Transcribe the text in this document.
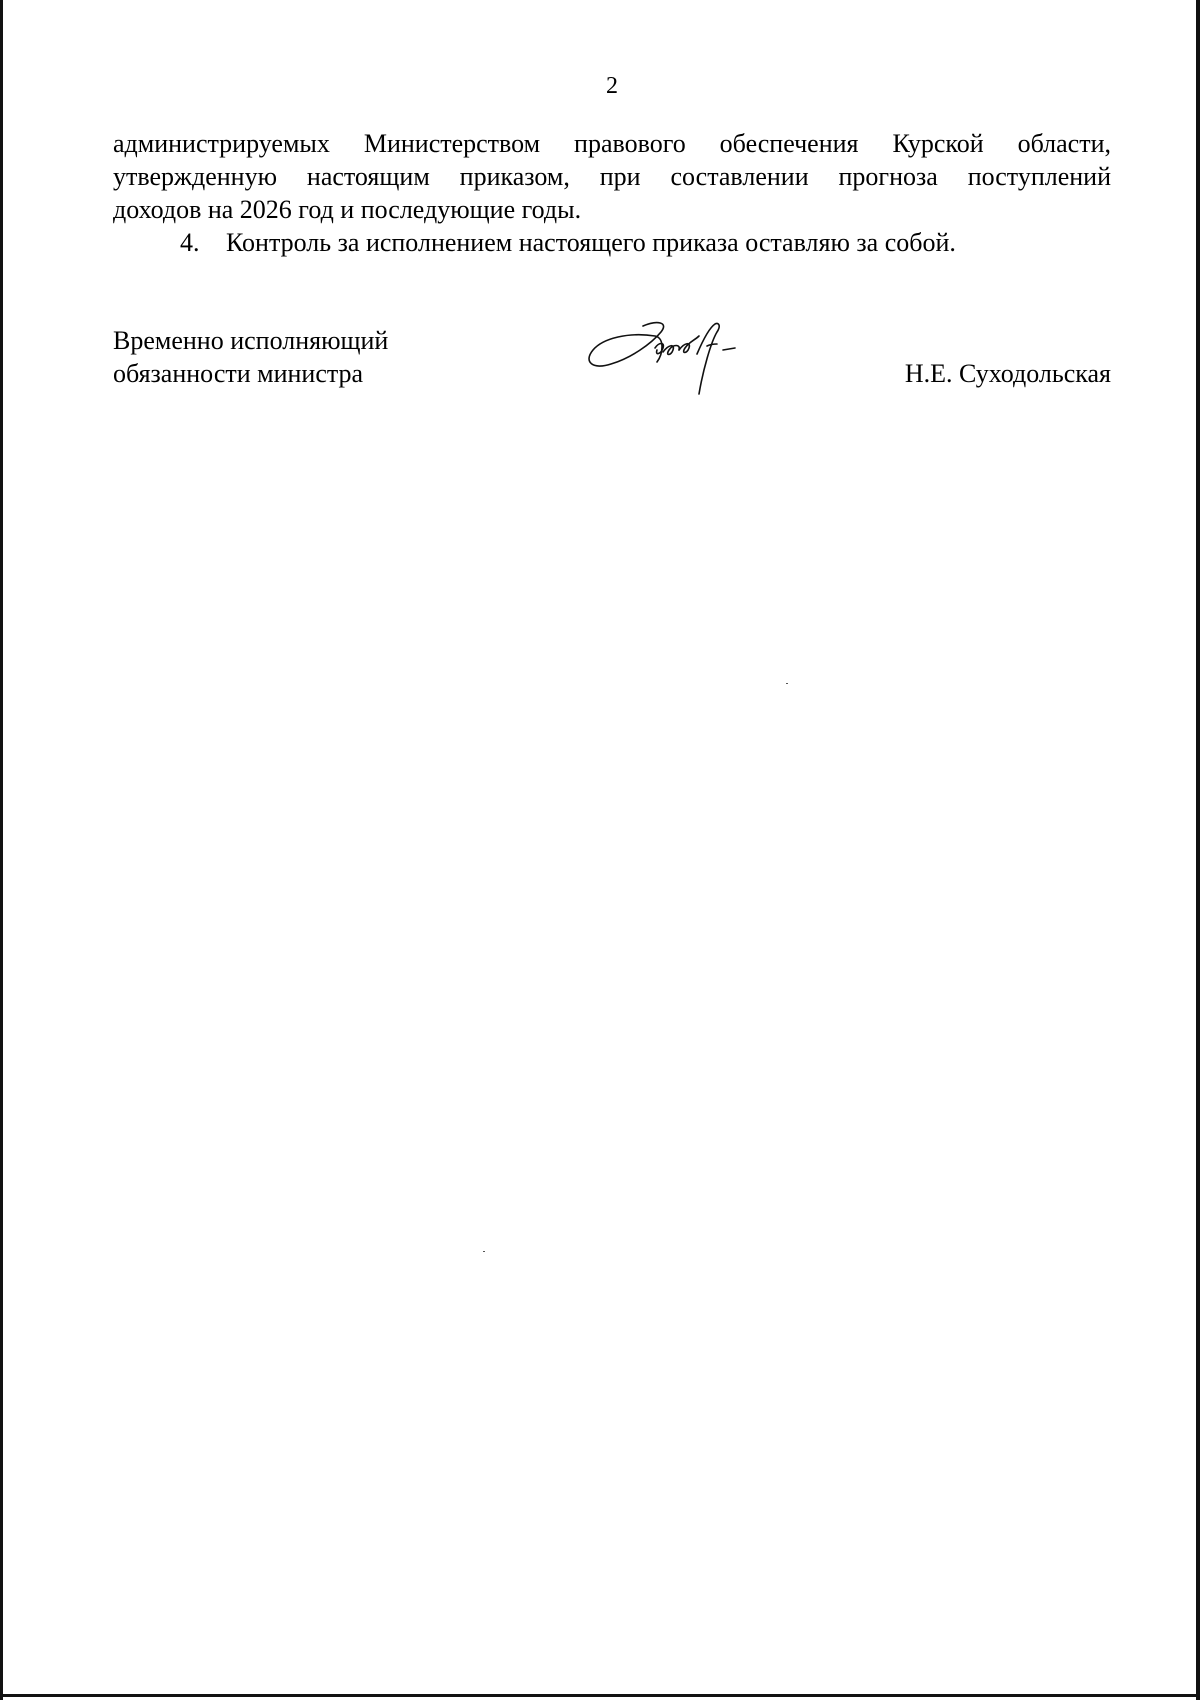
2
администрируемых Министерством правового обеспечения Курской области,
утвержденную настоящим приказом, при составлении прогноза поступлений
доходов на 2026 год и последующие годы.
4. Контроль за исполнением настоящего приказа оставляю за собой.
Временно исполняющий
обязанности министра	Н.Е. Суходольская
